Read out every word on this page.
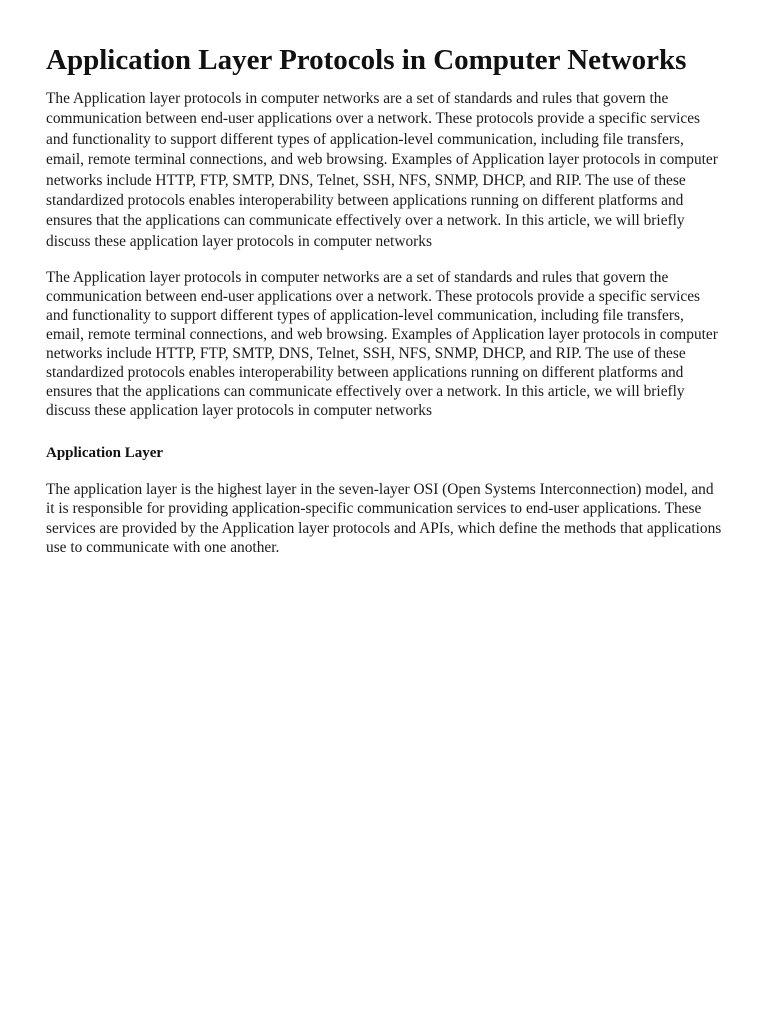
Application Layer Protocols in Computer Networks

The Application layer protocols in computer networks are a set of standards and rules that govern the communication between end-user applications over a network. These protocols provide a specific services and functionality to support different types of application-level communication, including file transfers, email, remote terminal connections, and web browsing. Examples of Application layer protocols in computer networks include HTTP, FTP, SMTP, DNS, Telnet, SSH, NFS, SNMP, DHCP, and RIP. The use of these standardized protocols enables interoperability between applications running on different platforms and ensures that the applications can communicate effectively over a network. In this article, we will briefly discuss these application layer protocols in computer networks

The Application layer protocols in computer networks are a set of standards and rules that govern the communication between end-user applications over a network. These protocols provide a specific services and functionality to support different types of application-level communication, including file transfers, email, remote terminal connections, and web browsing. Examples of Application layer protocols in computer networks include HTTP, FTP, SMTP, DNS, Telnet, SSH, NFS, SNMP, DHCP, and RIP. The use of these standardized protocols enables interoperability between applications running on different platforms and ensures that the applications can communicate effectively over a network. In this article, we will briefly discuss these application layer protocols in computer networks

Application Layer

The application layer is the highest layer in the seven-layer OSI (Open Systems Interconnection) model, and it is responsible for providing application-specific communication services to end-user applications. These services are provided by the Application layer protocols and APIs, which define the methods that applications use to communicate with one another.
